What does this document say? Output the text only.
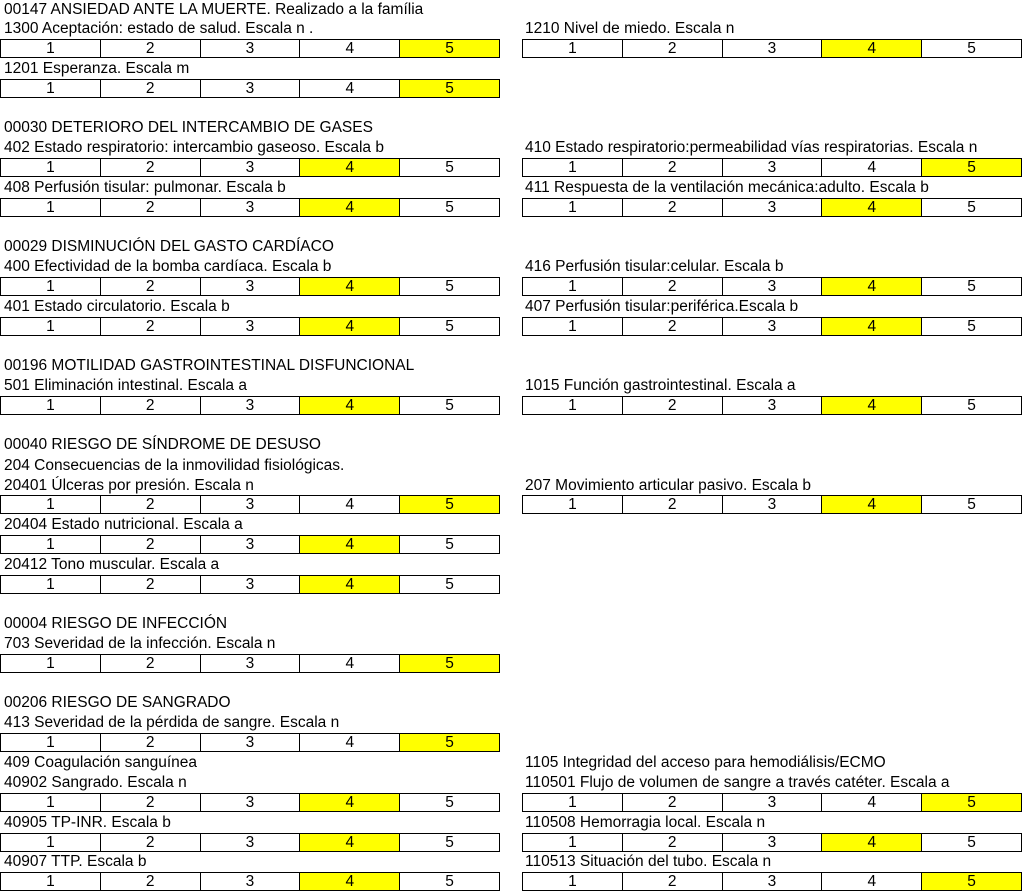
00147 ANSIEDAD ANTE LA MUERTE. Realizado a la família
1300 Aceptación: estado de salud. Escala n .	1210 Nivel de miedo. Escala n
1	2	3	4	5	1	2	3	4	5
1201 Esperanza. Escala m
1	2	3	4	5
00030 DETERIORO DEL INTERCAMBIO DE GASES
402 Estado respiratorio: intercambio gaseoso. Escala b	410 Estado respiratorio:permeabilidad vías respiratorias. Escala n
1	2	3	4	5	1	2	3	4	5
408 Perfusión tisular: pulmonar. Escala b	411 Respuesta de la ventilación mecánica:adulto. Escala b
1	2	3	4	5	1	2	3	4	5
00029 DISMINUCIÓN DEL GASTO CARDÍACO
400 Efectividad de la bomba cardíaca. Escala b	416 Perfusión tisular:celular. Escala b
1	2	3	4	5	1	2	3	4	5
401 Estado circulatorio. Escala b	407 Perfusión tisular:periférica.Escala b
1	2	3	4	5	1	2	3	4	5
00196 MOTILIDAD GASTROINTESTINAL DISFUNCIONAL
501 Eliminación intestinal. Escala a	1015 Función gastrointestinal. Escala a
1	2	3	4	5	1	2	3	4	5
00040 RIESGO DE SÍNDROME DE DESUSO
204 Consecuencias de la inmovilidad fisiológicas.
20401 Úlceras por presión. Escala n	207 Movimiento articular pasivo. Escala b
1	2	3	4	5	1	2	3	4	5
20404 Estado nutricional. Escala a
1	2	3	4	5
20412 Tono muscular. Escala a
1	2	3	4	5
00004 RIESGO DE INFECCIÓN
703 Severidad de la infección. Escala n
1	2	3	4	5
00206 RIESGO DE SANGRADO
413 Severidad de la pérdida de sangre. Escala n
1	2	3	4	5
409 Coagulación sanguínea	1105 Integridad del acceso para hemodiálisis/ECMO
40902 Sangrado. Escala n	110501 Flujo de volumen de sangre a través catéter. Escala a
1	2	3	4	5	1	2	3	4	5
40905 TP-INR. Escala b	110508 Hemorragia local. Escala n
1	2	3	4	5	1	2	3	4	5
40907 TTP. Escala b	110513 Situación del tubo. Escala n
1	2	3	4	5	1	2	3	4	5
